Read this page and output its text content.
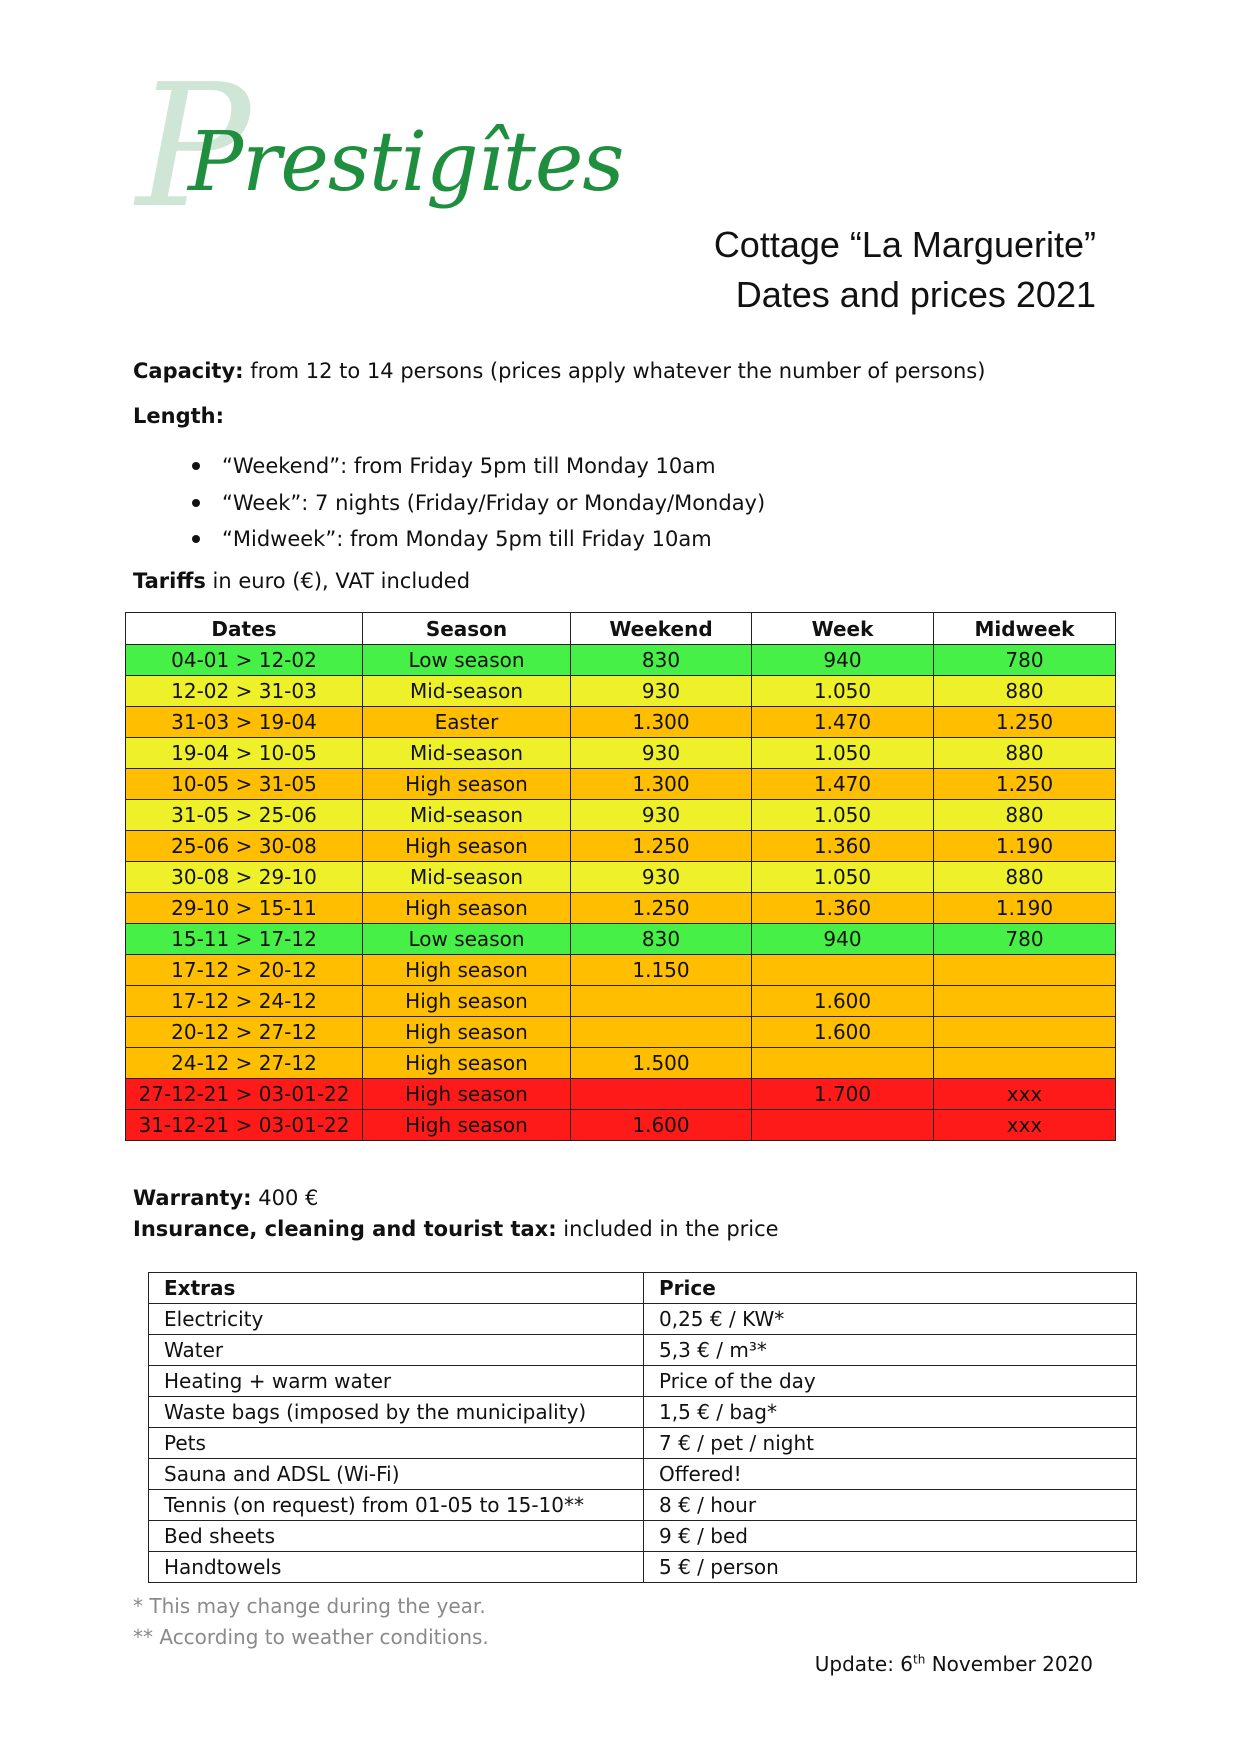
P
Prestigîtes
Cottage “La Marguerite”
Dates and prices 2021
Capacity: from 12 to 14 persons (prices apply whatever the number of persons)
Length:
“Weekend”: from Friday 5pm till Monday 10am
“Week”: 7 nights (Friday/Friday or Monday/Monday)
“Midweek”: from Monday 5pm till Friday 10am
Tariffs in euro (€), VAT included
Dates	Season	Weekend	Week	Midweek
04-01 > 12-02	Low season	830	940	780
12-02 > 31-03	Mid-season	930	1.050	880
31-03 > 19-04	Easter	1.300	1.470	1.250
19-04 > 10-05	Mid-season	930	1.050	880
10-05 > 31-05	High season	1.300	1.470	1.250
31-05 > 25-06	Mid-season	930	1.050	880
25-06 > 30-08	High season	1.250	1.360	1.190
30-08 > 29-10	Mid-season	930	1.050	880
29-10 > 15-11	High season	1.250	1.360	1.190
15-11 > 17-12	Low season	830	940	780
17-12 > 20-12	High season	1.150		
17-12 > 24-12	High season		1.600	
20-12 > 27-12	High season		1.600	
24-12 > 27-12	High season	1.500		
27-12-21 > 03-01-22	High season		1.700	xxx
31-12-21 > 03-01-22	High season	1.600		xxx
Warranty: 400 €
Insurance, cleaning and tourist tax: included in the price
Extras	Price
Electricity	0,25 € / KW*
Water	5,3 € / m³*
Heating + warm water	Price of the day
Waste bags (imposed by the municipality)	1,5 € / bag*
Pets	7 € / pet / night
Sauna and ADSL (Wi-Fi)	Offered!
Tennis (on request) from 01-05 to 15-10**	8 € / hour
Bed sheets	9 € / bed
Handtowels	5 € / person
* This may change during the year.
** According to weather conditions.
Update: 6th November 2020
